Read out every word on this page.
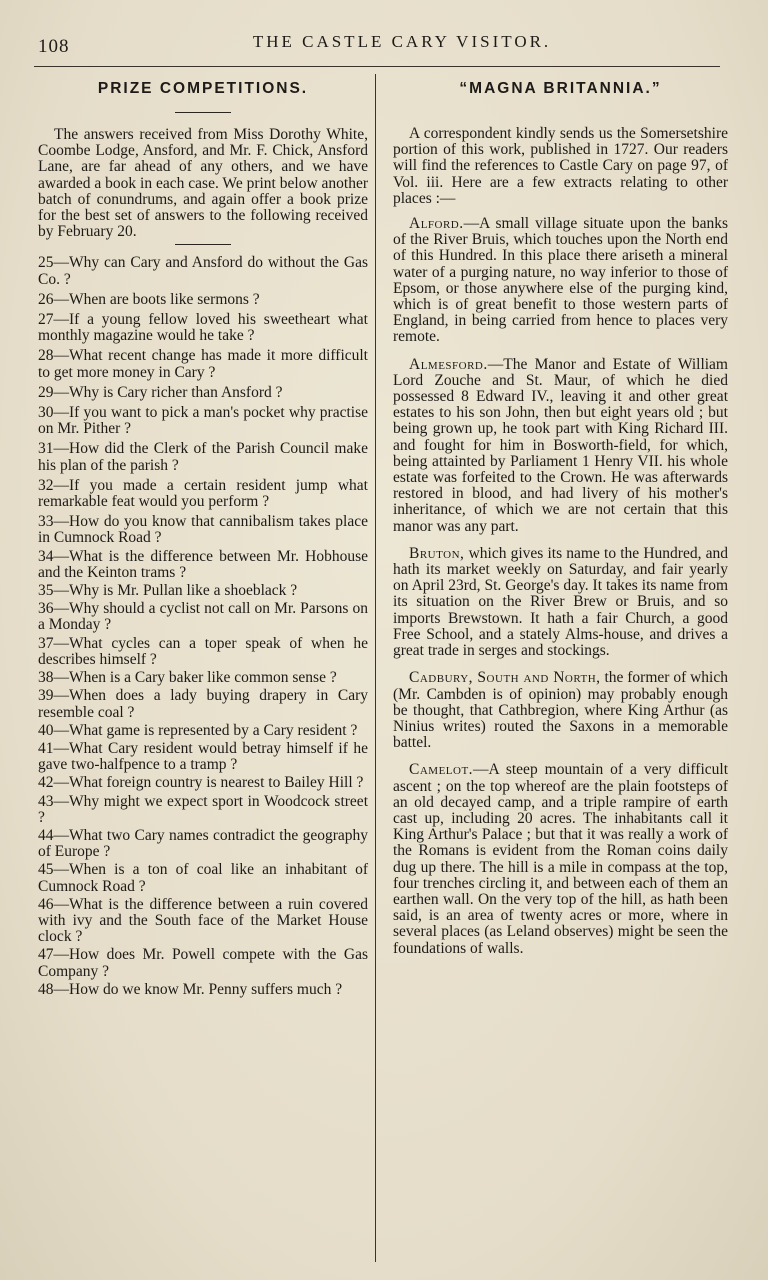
108	THE CASTLE CARY VISITOR.
PRIZE COMPETITIONS.

The answers received from Miss Dorothy White, Coombe Lodge, Ansford, and Mr. F. Chick, Ansford Lane, are far ahead of any others, and we have awarded a book in each case. We print below another batch of conundrums, and again offer a book prize for the best set of answers to the following received by February 20.

25—Why can Cary and Ansford do without the Gas Co. ?
26—When are boots like sermons ?
27—If a young fellow loved his sweetheart what monthly magazine would he take ?
28—What recent change has made it more difficult to get more money in Cary ?
29—Why is Cary richer than Ansford ?
30—If you want to pick a man's pocket why practise on Mr. Pither ?
31—How did the Clerk of the Parish Council make his plan of the parish ?
32—If you made a certain resident jump what remarkable feat would you perform ?
33—How do you know that cannibalism takes place in Cumnock Road ?
34—What is the difference between Mr. Hobhouse and the Keinton trams ?
35—Why is Mr. Pullan like a shoeblack ?
36—Why should a cyclist not call on Mr. Parsons on a Monday ?
37—What cycles can a toper speak of when he describes himself ?
38—When is a Cary baker like common sense ?
39—When does a lady buying drapery in Cary resemble coal ?
40—What game is represented by a Cary resident ?
41—What Cary resident would betray himself if he gave two-halfpence to a tramp ?
42—What foreign country is nearest to Bailey Hill ?
43—Why might we expect sport in Woodcock street ?
44—What two Cary names contradict the geography of Europe ?
45—When is a ton of coal like an inhabitant of Cumnock Road ?
46—What is the difference between a ruin covered with ivy and the South face of the Market House clock ?
47—How does Mr. Powell compete with the Gas Company ?
48—How do we know Mr. Penny suffers much ?
“MAGNA BRITANNIA.”

A correspondent kindly sends us the Somersetshire portion of this work, published in 1727. Our readers will find the references to Castle Cary on page 97, of Vol. iii. Here are a few extracts relating to other places :—

Alford.—A small village situate upon the banks of the River Bruis, which touches upon the North end of this Hundred. In this place there ariseth a mineral water of a purging nature, no way inferior to those of Epsom, or those anywhere else of the purging kind, which is of great benefit to those western parts of England, in being carried from hence to places very remote.

Almesford.—The Manor and Estate of William Lord Zouche and St. Maur, of which he died possessed 8 Edward IV., leaving it and other great estates to his son John, then but eight years old ; but being grown up, he took part with King Richard III. and fought for him in Bosworth-field, for which, being attainted by Parliament 1 Henry VII. his whole estate was forfeited to the Crown. He was afterwards restored in blood, and had livery of his mother's inheritance, of which we are not certain that this manor was any part.

Bruton, which gives its name to the Hundred, and hath its market weekly on Saturday, and fair yearly on April 23rd, St. George's day. It takes its name from its situation on the River Brew or Bruis, and so imports Brewstown. It hath a fair Church, a good Free School, and a stately Alms-house, and drives a great trade in serges and stockings.

Cadbury, South and North, the former of which (Mr. Cambden is of opinion) may probably enough be thought, that Cathbregion, where King Arthur (as Ninius writes) routed the Saxons in a memorable battel.

Camelot.—A steep mountain of a very difficult ascent ; on the top whereof are the plain footsteps of an old decayed camp, and a triple rampire of earth cast up, including 20 acres. The inhabitants call it King Arthur's Palace ; but that it was really a work of the Romans is evident from the Roman coins daily dug up there. The hill is a mile in compass at the top, four trenches circling it, and between each of them an earthen wall. On the very top of the hill, as hath been said, is an area of twenty acres or more, where in several places (as Leland observes) might be seen the foundations of walls.
